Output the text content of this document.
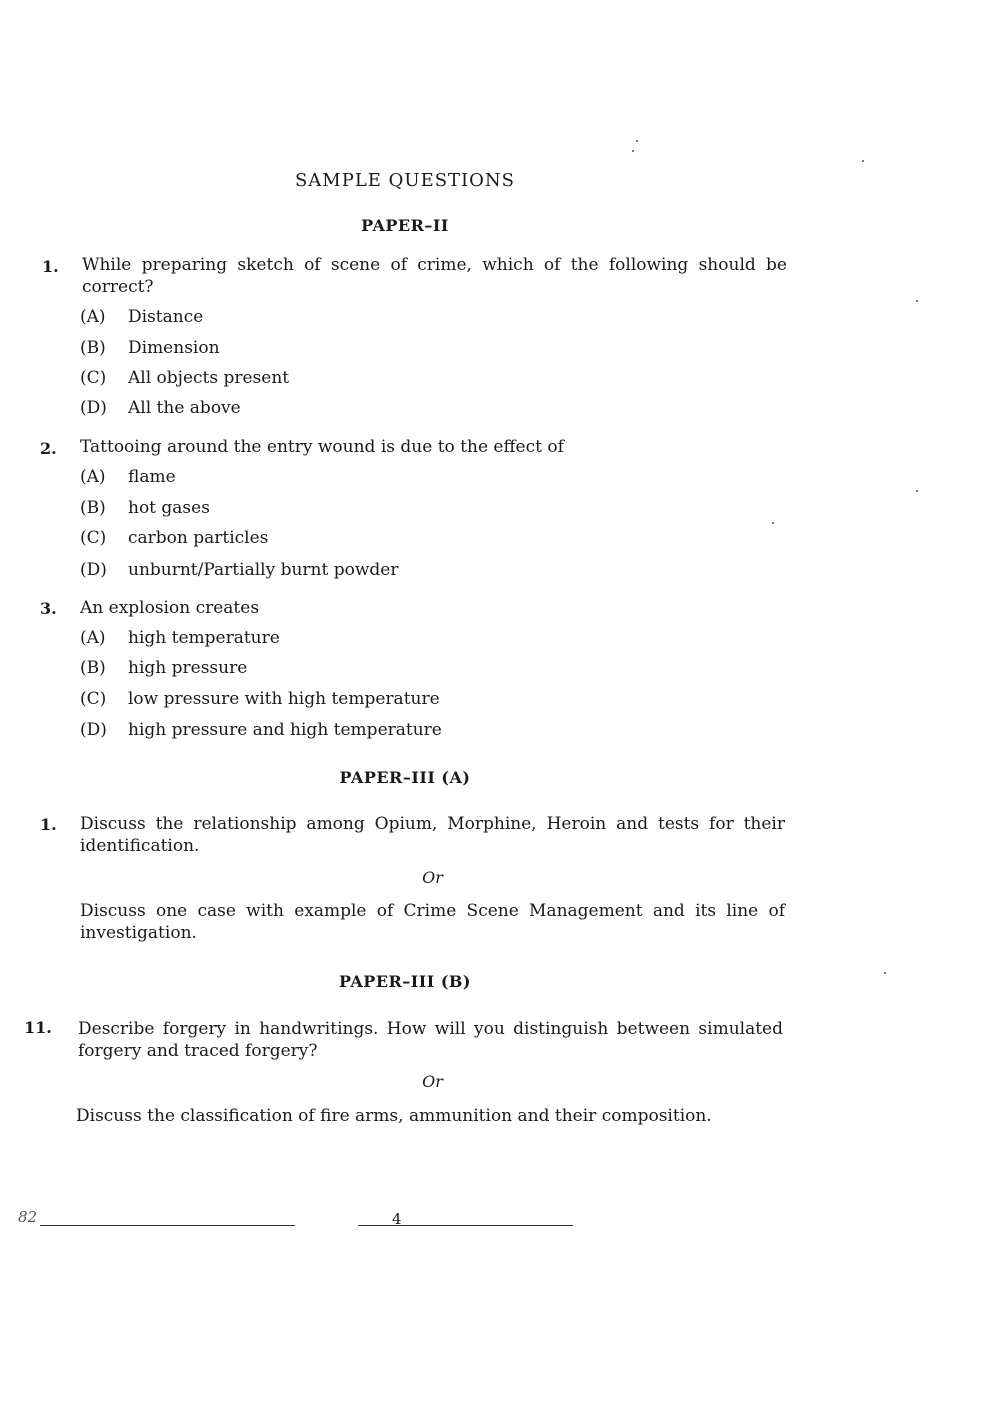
SAMPLE QUESTIONS
PAPER–II
1. While preparing sketch of scene of crime, which of the following should be correct?
(A) Distance
(B) Dimension
(C) All objects present
(D) All the above
2. Tattooing around the entry wound is due to the effect of
(A) flame
(B) hot gases
(C) carbon particles
(D) unburnt/Partially burnt powder
3. An explosion creates
(A) high temperature
(B) high pressure
(C) low pressure with high temperature
(D) high pressure and high temperature
PAPER–III (A)
1. Discuss the relationship among Opium, Morphine, Heroin and tests for their identification.
Or
Discuss one case with example of Crime Scene Management and its line of investigation.
PAPER–III (B)
11. Describe forgery in handwritings. How will you distinguish between simulated forgery and traced forgery?
Or
Discuss the classification of fire arms, ammunition and their composition.
82	4
